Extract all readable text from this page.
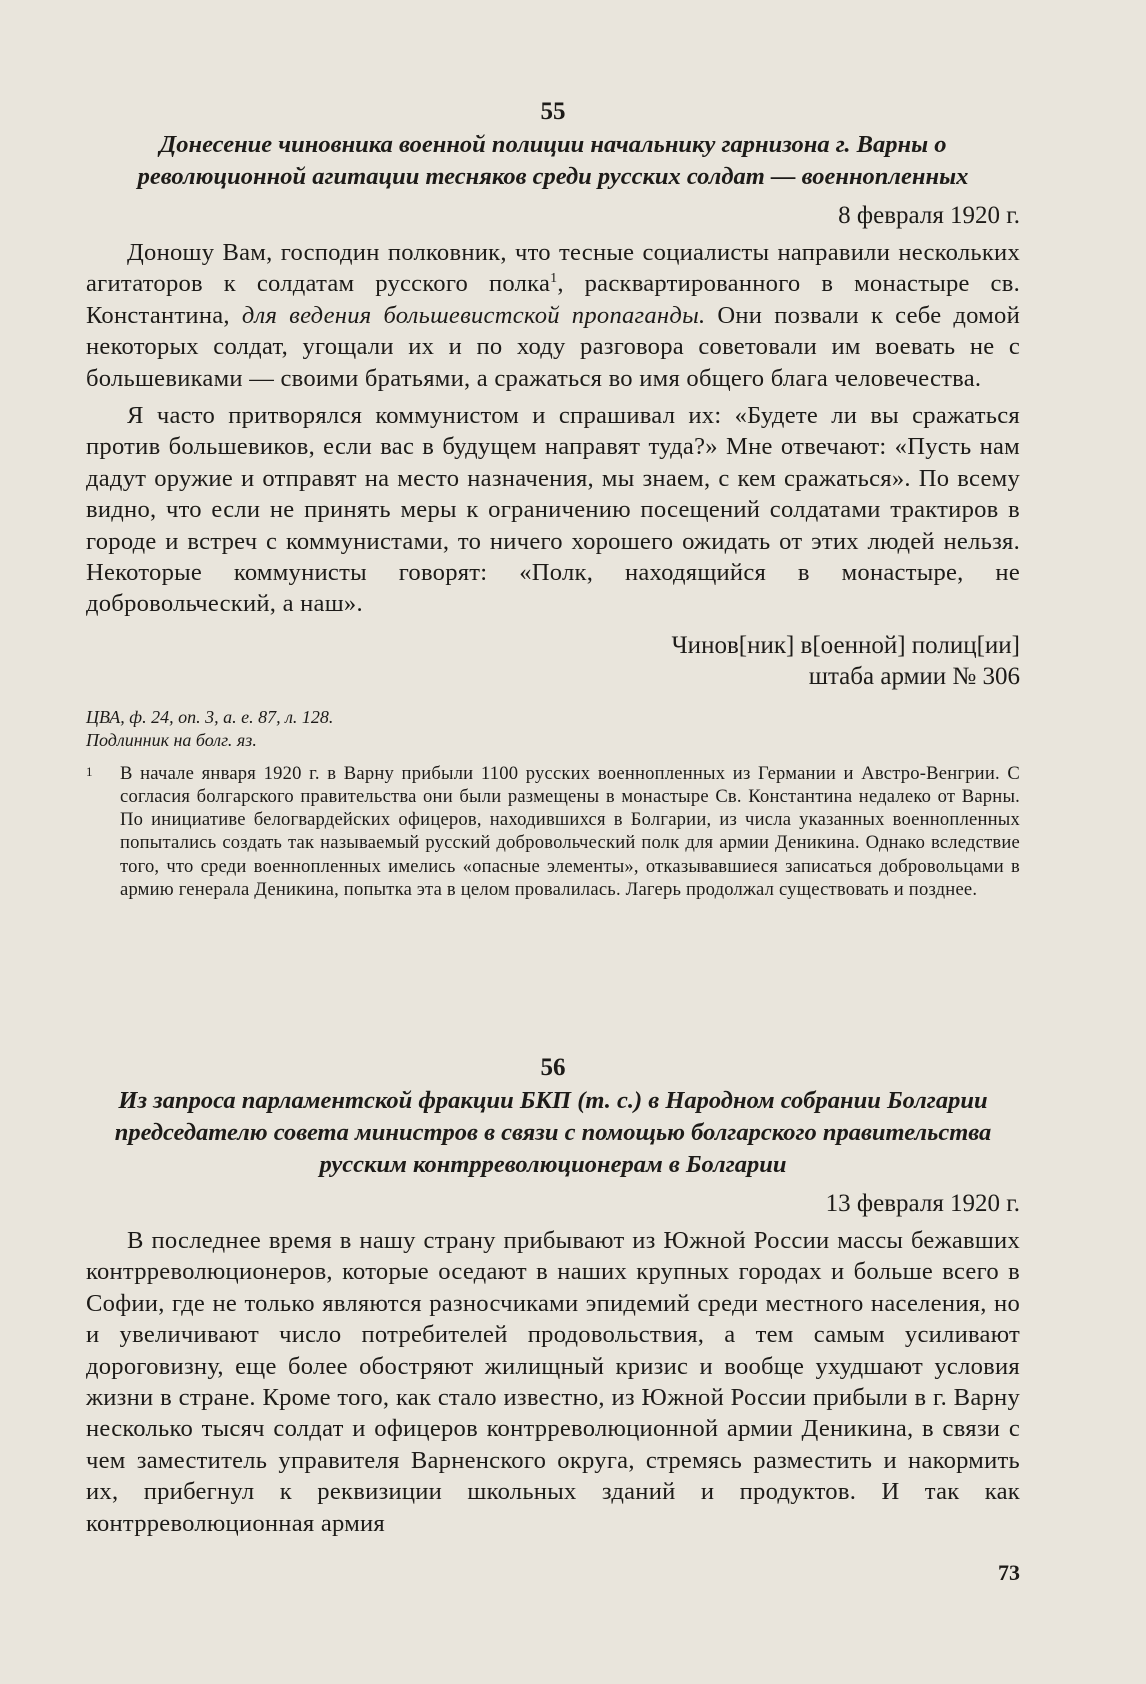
55

Донесение чиновника военной полиции начальнику гарнизона г. Варны о революционной агитации тесняков среди русских солдат — военнопленных

8 февраля 1920 г.

Доношу Вам, господин полковник, что тесные социалисты направили нескольких агитаторов к солдатам русского полка$^1$, расквартированного в монастыре св. Константина, для ведения большевистской пропаганды. Они позвали к себе домой некоторых солдат, угощали их и по ходу разговора советовали им воевать не с большевиками — своими братьями, а сражаться во имя общего блага человечества.

Я часто притворялся коммунистом и спрашивал их: «Будете ли вы сражаться против большевиков, если вас в будущем направят туда?» Мне отвечают: «Пусть нам дадут оружие и отправят на место назначения, мы знаем, с кем сражаться». По всему видно, что если не принять меры к ограничению посещений солдатами трактиров в городе и встреч с коммунистами, то ничего хорошего ожидать от этих людей нельзя. Некоторые коммунисты говорят: «Полк, находящийся в монастыре, не добровольческий, а наш».

Чинов[ник] в[оенной] полиц[ии]
штаба армии № 306

ЦВА, ф. 24, оп. 3, а. е. 87, л. 128.
Подлинник на болг. яз.

1 В начале января 1920 г. в Варну прибыли 1100 русских военнопленных из Германии и Австро-Венгрии. С согласия болгарского правительства они были размещены в монастыре Св. Константина недалеко от Варны. По инициативе белогвардейских офицеров, находившихся в Болгарии, из числа указанных военнопленных попытались создать так называемый русский добровольческий полк для армии Деникина. Однако вследствие того, что среди военнопленных имелись «опасные элементы», отказывавшиеся записаться добровольцами в армию генерала Деникина, попытка эта в целом провалилась. Лагерь продолжал существовать и позднее.

56

Из запроса парламентской фракции БКП (т. с.) в Народном собрании Болгарии председателю совета министров в связи с помощью болгарского правительства русским контрреволюционерам в Болгарии

13 февраля 1920 г.

В последнее время в нашу страну прибывают из Южной России массы бежавших контрреволюционеров, которые оседают в наших крупных городах и больше всего в Софии, где не только являются разносчиками эпидемий среди местного населения, но и увеличивают число потребителей продовольствия, а тем самым усиливают дороговизну, еще более обостряют жилищный кризис и вообще ухудшают условия жизни в стране. Кроме того, как стало известно, из Южной России прибыли в г. Варну несколько тысяч солдат и офицеров контрреволюционной армии Деникина, в связи с чем заместитель управителя Варненского округа, стремясь разместить и накормить их, прибегнул к реквизиции школьных зданий и продуктов. И так как контрреволюционная армия

73
